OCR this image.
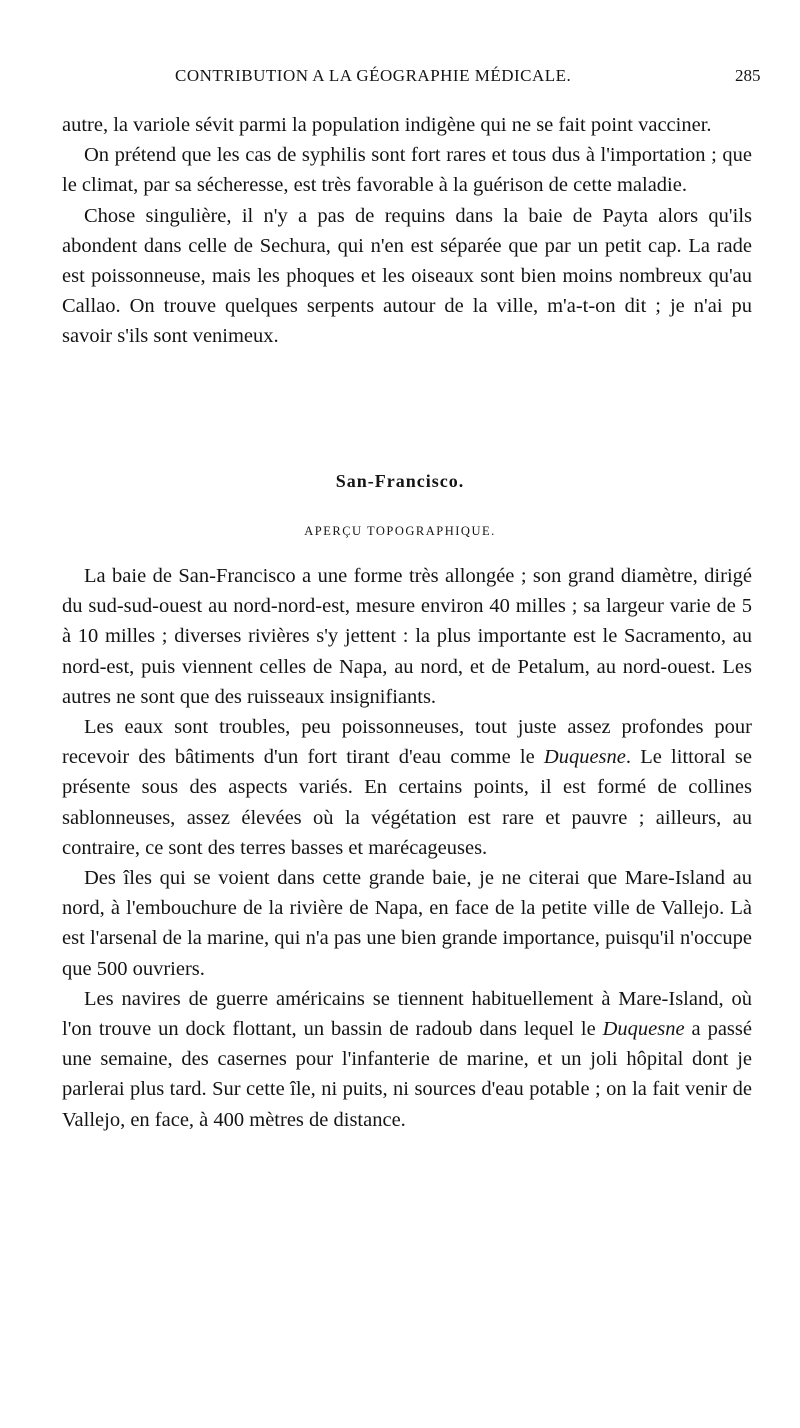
CONTRIBUTION A LA GÉOGRAPHIE MÉDICALE.	285

autre, la variole sévit parmi la population indigène qui ne se fait point vacciner.

On prétend que les cas de syphilis sont fort rares et tous dus à l'importation ; que le climat, par sa sécheresse, est très favorable à la guérison de cette maladie.

Chose singulière, il n'y a pas de requins dans la baie de Payta alors qu'ils abondent dans celle de Sechura, qui n'en est séparée que par un petit cap. La rade est poissonneuse, mais les phoques et les oiseaux sont bien moins nombreux qu'au Callao. On trouve quelques serpents autour de la ville, m'a-t-on dit ; je n'ai pu savoir s'ils sont venimeux.

San-Francisco.
APERÇU TOPOGRAPHIQUE.

La baie de San-Francisco a une forme très allongée ; son grand diamètre, dirigé du sud-sud-ouest au nord-nord-est, mesure environ 40 milles ; sa largeur varie de 5 à 10 milles ; diverses rivières s'y jettent : la plus importante est le Sacramento, au nord-est, puis viennent celles de Napa, au nord, et de Petalum, au nord-ouest. Les autres ne sont que des ruisseaux insignifiants.

Les eaux sont troubles, peu poissonneuses, tout juste assez profondes pour recevoir des bâtiments d'un fort tirant d'eau comme le Duquesne. Le littoral se présente sous des aspects variés. En certains points, il est formé de collines sablonneuses, assez élevées où la végétation est rare et pauvre ; ailleurs, au contraire, ce sont des terres basses et marécageuses.

Des îles qui se voient dans cette grande baie, je ne citerai que Mare-Island au nord, à l'embouchure de la rivière de Napa, en face de la petite ville de Vallejo. Là est l'arsenal de la marine, qui n'a pas une bien grande importance, puisqu'il n'occupe que 500 ouvriers.

Les navires de guerre américains se tiennent habituellement à Mare-Island, où l'on trouve un dock flottant, un bassin de radoub dans lequel le Duquesne a passé une semaine, des casernes pour l'infanterie de marine, et un joli hôpital dont je parlerai plus tard. Sur cette île, ni puits, ni sources d'eau potable ; on la fait venir de Vallejo, en face, à 400 mètres de distance.
